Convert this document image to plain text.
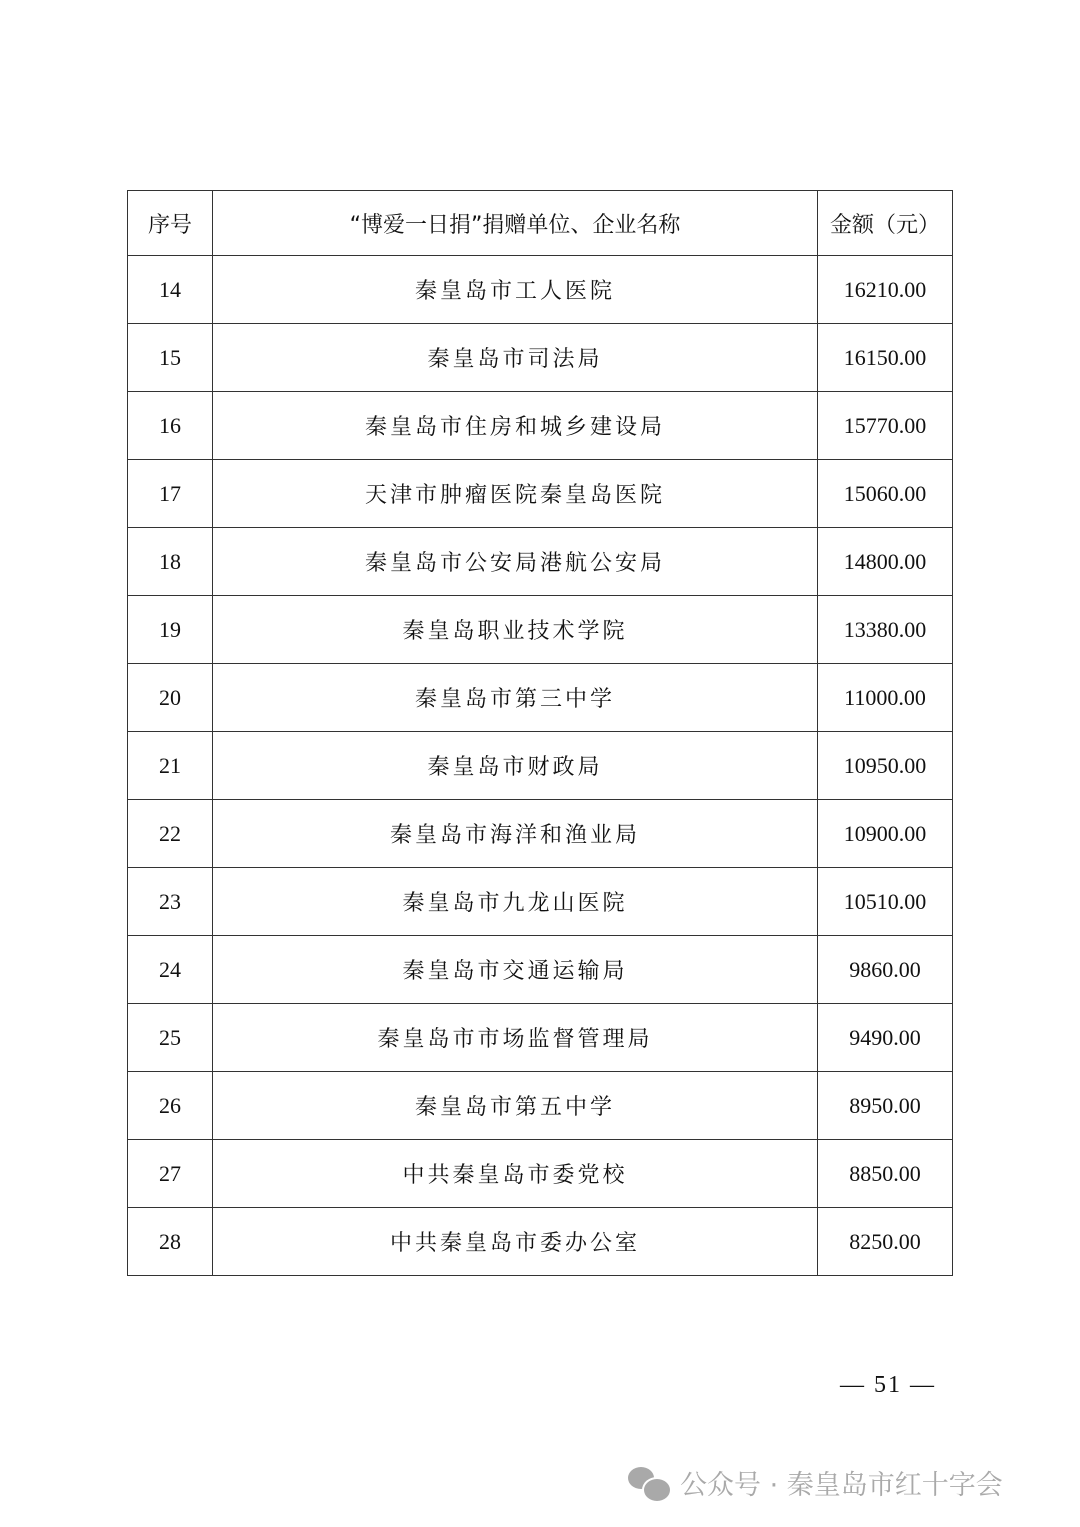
序号	“博爱一日捐”捐赠单位、企业名称	金额（元）
14	秦皇岛市工人医院	16210.00
15	秦皇岛市司法局	16150.00
16	秦皇岛市住房和城乡建设局	15770.00
17	天津市肿瘤医院秦皇岛医院	15060.00
18	秦皇岛市公安局港航公安局	14800.00
19	秦皇岛职业技术学院	13380.00
20	秦皇岛市第三中学	11000.00
21	秦皇岛市财政局	10950.00
22	秦皇岛市海洋和渔业局	10900.00
23	秦皇岛市九龙山医院	10510.00
24	秦皇岛市交通运输局	9860.00
25	秦皇岛市市场监督管理局	9490.00
26	秦皇岛市第五中学	8950.00
27	中共秦皇岛市委党校	8850.00
28	中共秦皇岛市委办公室	8250.00
— 51 —
公众号 · 秦皇岛市红十字会
